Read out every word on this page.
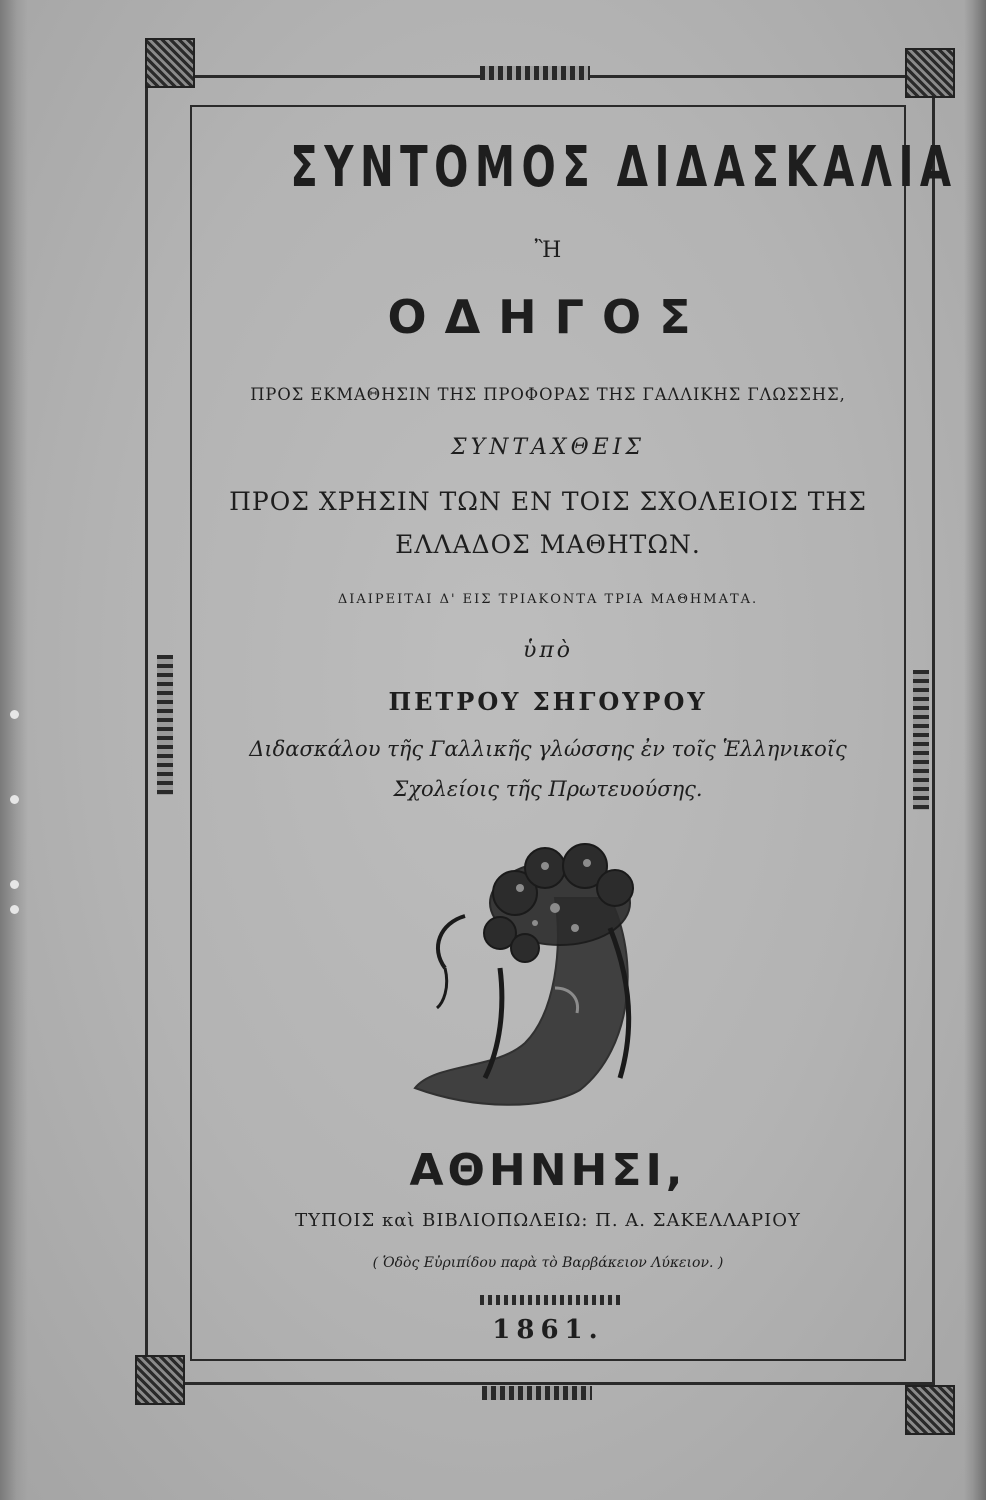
ΣΥΝΤΟΜΟΣ ΔΙΔΑΣΚΑΛΙΑ
Ἢ
ΟΔΗΓΟΣ
ΠΡΟΣ ΕΚΜΑΘΗΣΙΝ ΤΗΣ ΠΡΟΦΟΡΑΣ ΤΗΣ ΓΑΛΛΙΚΗΣ ΓΛΩΣΣΗΣ,
ΣΥΝΤΑΧΘΕΙΣ
ΠΡΟΣ ΧΡΗΣΙΝ ΤΩΝ ΕΝ ΤΟΙΣ ΣΧΟΛΕΙΟΙΣ ΤΗΣ
ΕΛΛΑΔΟΣ ΜΑΘΗΤΩΝ.
ΔΙΑΙΡΕΙΤΑΙ Δ' ΕΙΣ ΤΡΙΑΚΟΝΤΑ ΤΡΙΑ ΜΑΘΗΜΑΤΑ.
ὑπὸ
ΠΕΤΡΟΥ ΣΗΓΟΥΡΟΥ
Διδασκάλου τῆς Γαλλικῆς γλώσσης ἐν τοῖς Ἑλληνικοῖς
Σχολείοις τῆς Πρωτευούσης.
ΑΘΗΝΗΣΙ,
ΤΥΠΟΙΣ καὶ ΒΙΒΛΙΟΠΩΛΕΙΩ: Π. Α. ΣΑΚΕΛΛΑΡΙΟΥ
( Ὁδὸς Εὐριπίδου παρὰ τὸ Βαρβάκειον Λύκειον. )
1861.
